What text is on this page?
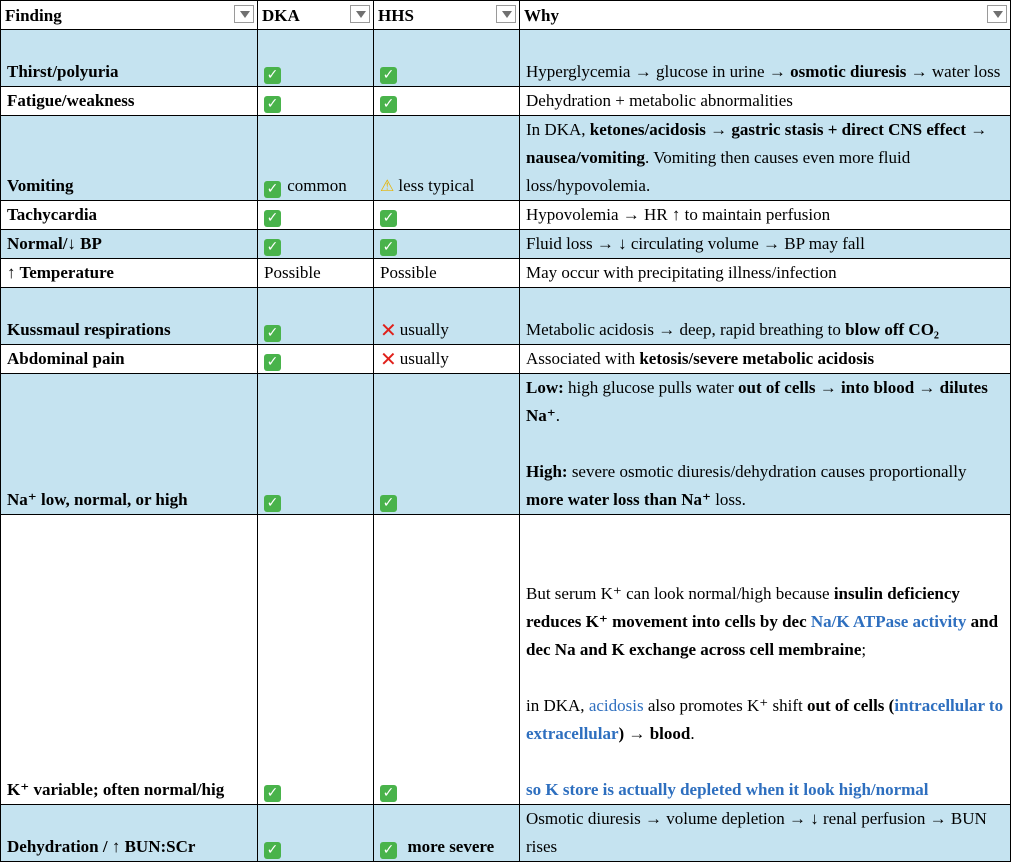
Finding	DKA	HHS	Why

Thirst/polyuria	✓	✓	Hyperglycemia → glucose in urine → osmotic diuresis → water loss
Fatigue/weakness	✓	✓	Dehydration + metabolic abnormalities
Vomiting	✓ common	⚠ less typical	In DKA, ketones/acidosis → gastric stasis + direct CNS effect → nausea/vomiting. Vomiting then causes even more fluid loss/hypovolemia.
Tachycardia	✓	✓	Hypovolemia → HR ↑ to maintain perfusion
Normal/↓ BP	✓	✓	Fluid loss → ↓ circulating volume → BP may fall
↑ Temperature	Possible	Possible	May occur with precipitating illness/infection
Kussmaul respirations	✓	✕ usually	Metabolic acidosis → deep, rapid breathing to blow off CO₂
Abdominal pain	✓	✕ usually	Associated with ketosis/severe metabolic acidosis
Na⁺ low, normal, or high	✓	✓	Low: high glucose pulls water out of cells → into blood → dilutes Na⁺.
High: severe osmotic diuresis/dehydration causes proportionally more water loss than Na⁺ loss.
K⁺ variable; often normal/hig	✓	✓	But serum K⁺ can look normal/high because insulin deficiency reduces K⁺ movement into cells by dec Na/K ATPase activity and dec Na and K exchange across cell membraine;
in DKA, acidosis also promotes K⁺ shift out of cells (intracellular to extracellular) → blood.
so K store is actually depleted when it look high/normal
Dehydration / ↑ BUN:SCr	✓	✓ more severe	Osmotic diuresis → volume depletion → ↓ renal perfusion → BUN rises
